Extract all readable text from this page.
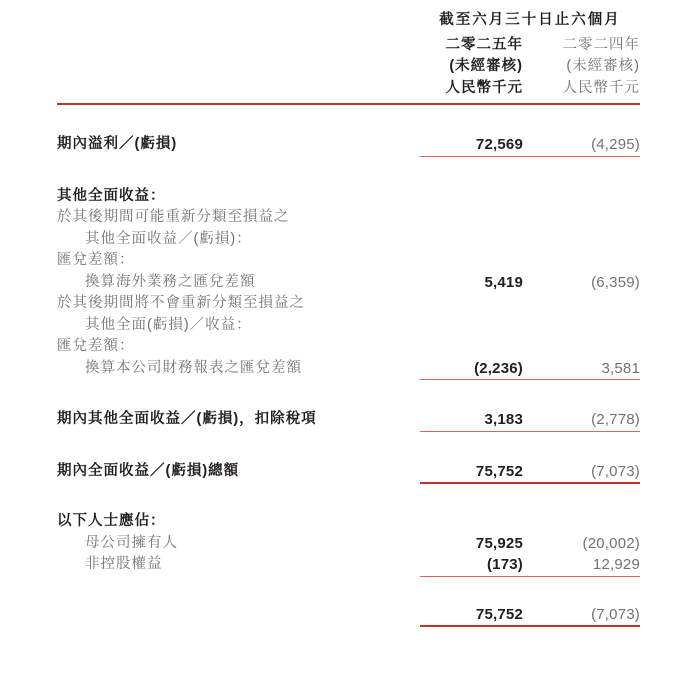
截至六月三十日止六個月
二零二五年	二零二四年
(未經審核)	(未經審核)
人民幣千元	人民幣千元
期內溢利／(虧損)	72,569	(4,295)
其他全面收益：
於其後期間可能重新分類至損益之
其他全面收益／(虧損)：
匯兌差額：
換算海外業務之匯兌差額	5,419	(6,359)
於其後期間將不會重新分類至損益之
其他全面(虧損)／收益：
匯兌差額：
換算本公司財務報表之匯兌差額	(2,236)	3,581
期內其他全面收益／(虧損)，扣除稅項	3,183	(2,778)
期內全面收益／(虧損)總額	75,752	(7,073)
以下人士應佔：
母公司擁有人	75,925	(20,002)
非控股權益	(173)	12,929
75,752	(7,073)
